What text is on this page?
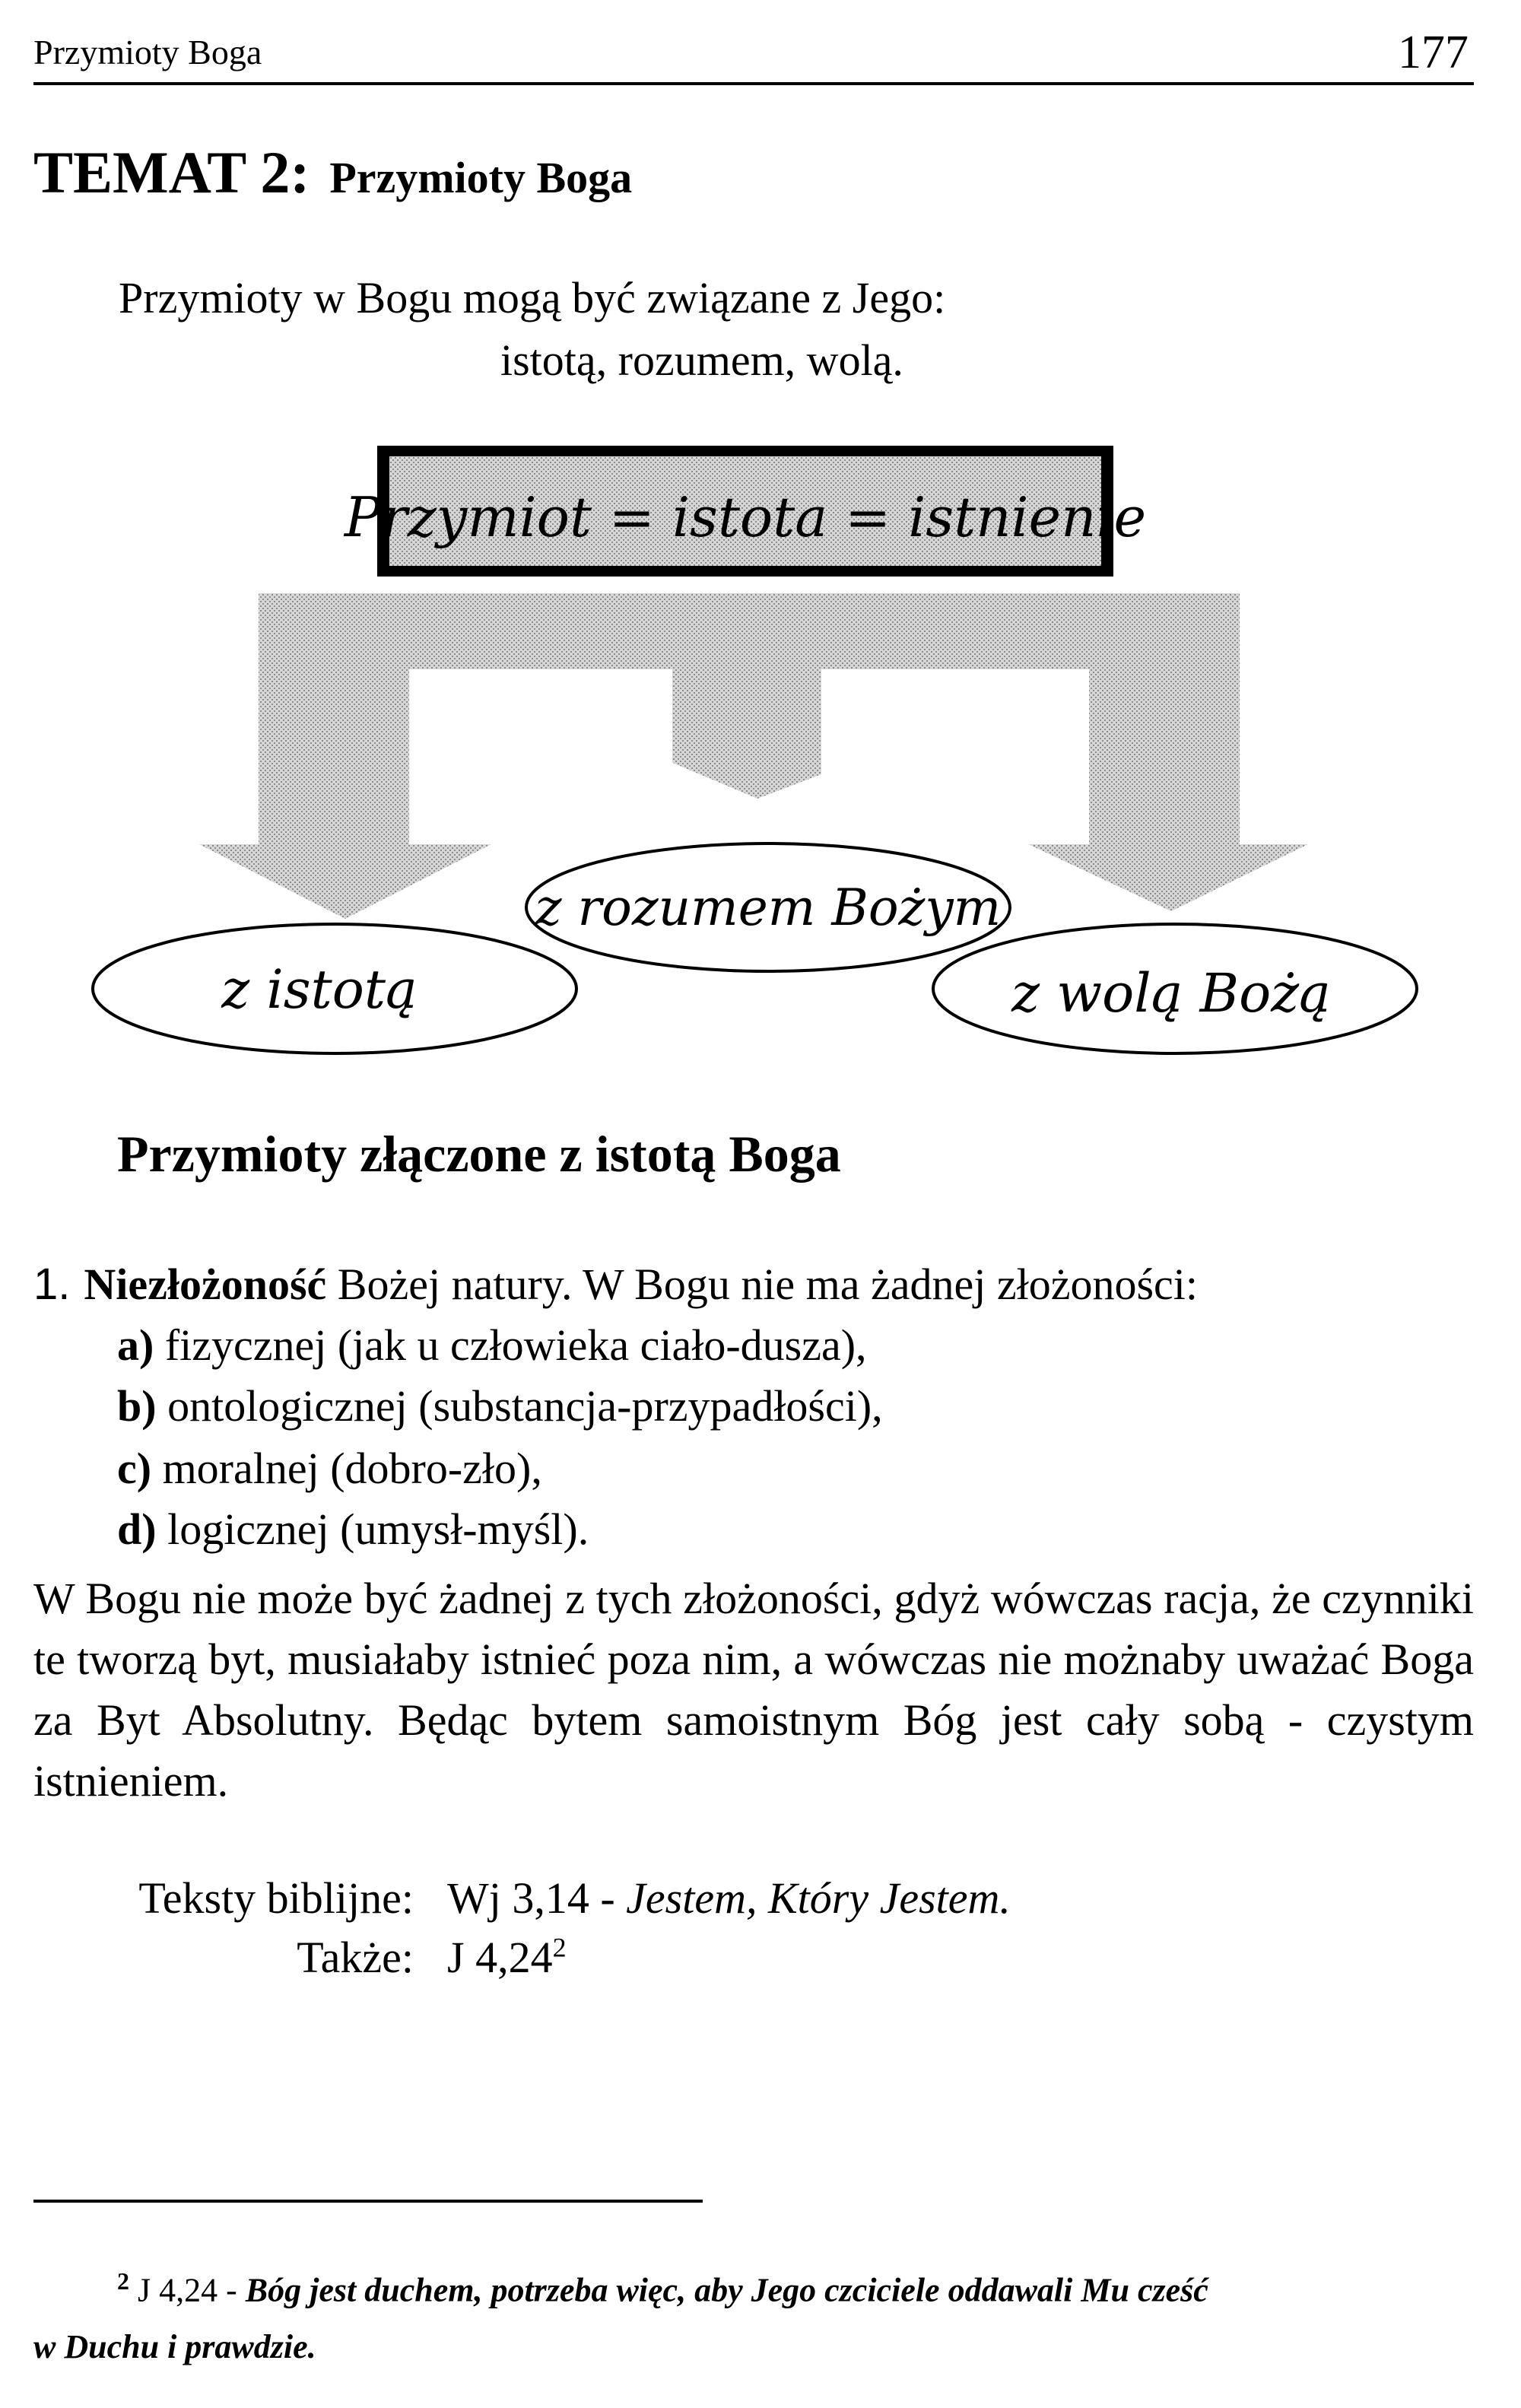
Przymioty Boga	177
TEMAT 2: Przymioty Boga
Przymioty w Bogu mogą być związane z Jego:
istotą, rozumem, wolą.
Przymiot = istota = istnienie
z istotą	z wolą Bożą
z rozumem Bożym
Przymioty złączone z istotą Boga
1. Niezłożoność Bożej natury. W Bogu nie ma żadnej złożoności:
a) fizycznej (jak u człowieka ciało-dusza),
b) ontologicznej (substancja-przypadłości),
c) moralnej (dobro-zło),
d) logicznej (umysł-myśl).

W Bogu nie może być żadnej z tych złożoności, gdyż wówczas racja, że czynniki te tworzą byt, musiałaby istnieć poza nim, a wówczas nie możnaby uważać Boga za Byt Absolutny. Będąc bytem samoistnym Bóg jest cały sobą - czystym istnieniem.

Teksty biblijne: Wj 3,14 - Jestem, Który Jestem.
Także: J 4,24$^2$
$^2$ J 4,24 - Bóg jest duchem, potrzeba więc, aby Jego czciciele oddawali Mu cześć
w Duchu i prawdzie.
